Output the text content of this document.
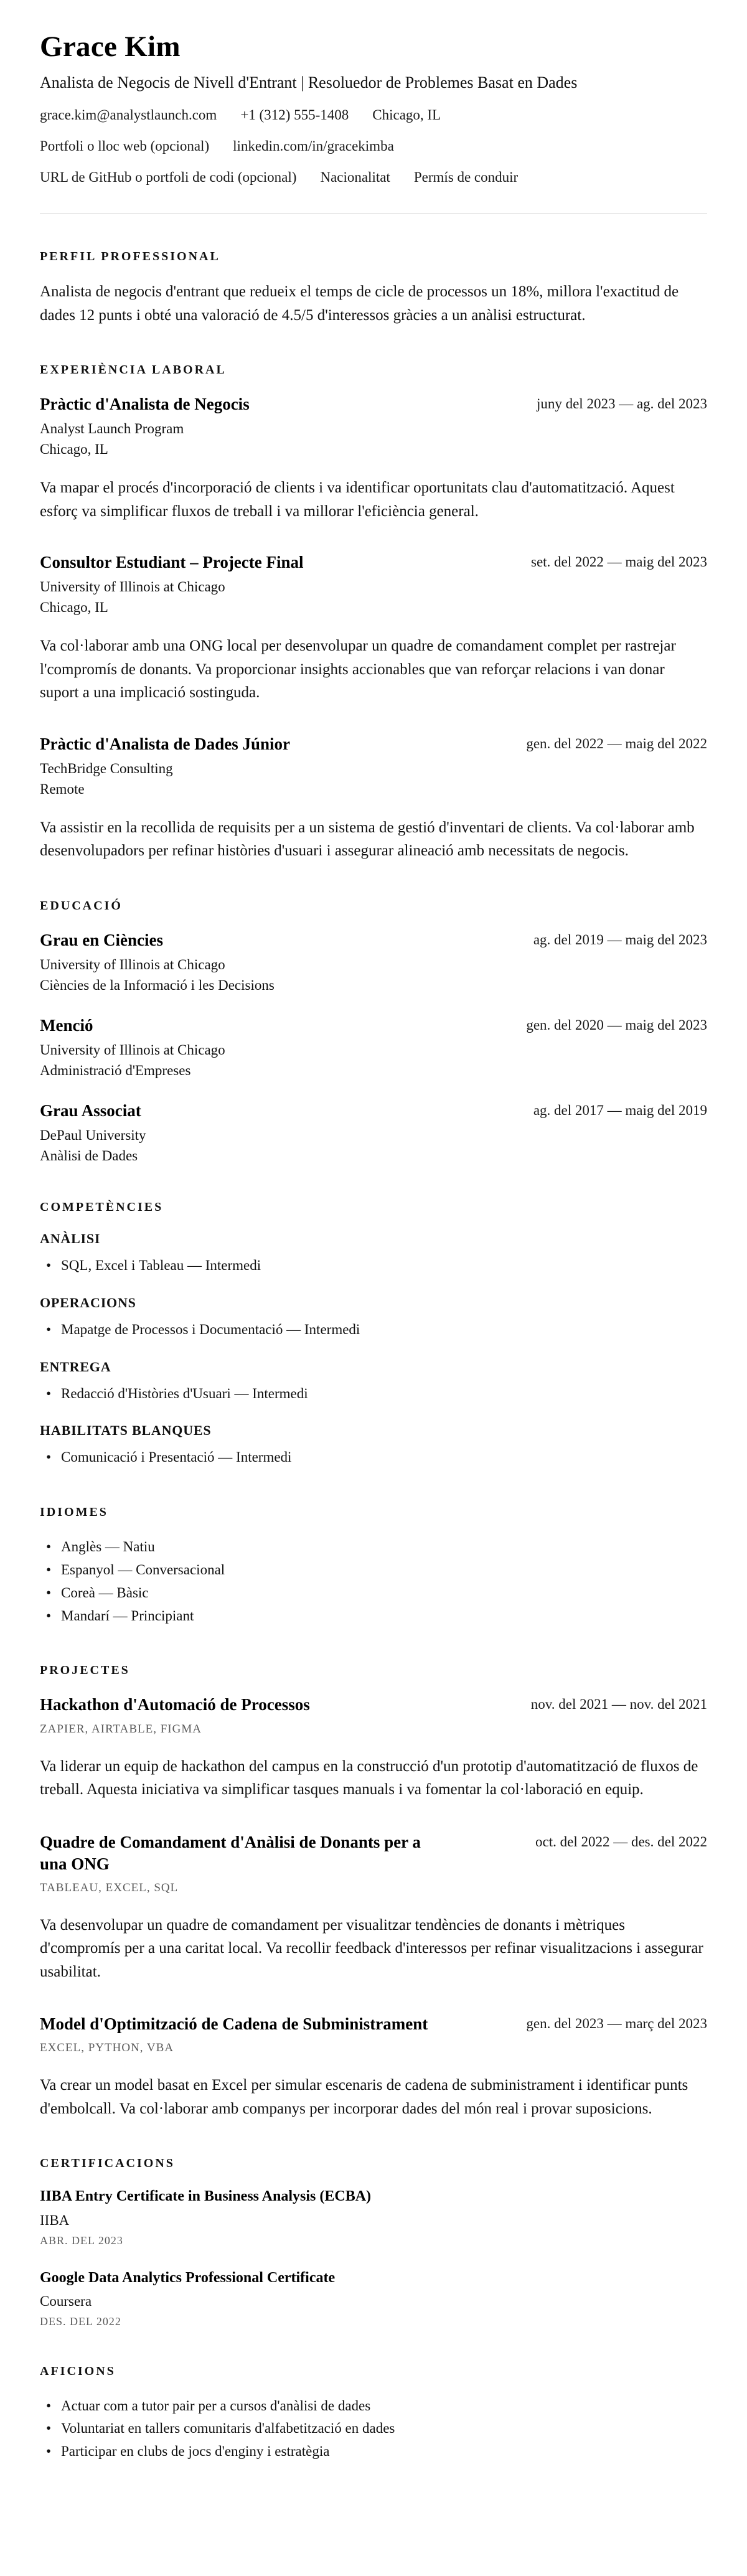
Grace Kim

Analista de Negocis de Nivell d'Entrant | Resoluedor de Problemes Basat en Dades

grace.kim@analystlaunch.com +1 (312) 555-1408 Chicago, IL
Portfoli o lloc web (opcional) linkedin.com/in/gracekimba
URL de GitHub o portfoli de codi (opcional) Nacionalitat Permís de conduir
PERFIL PROFESSIONAL

Analista de negocis d'entrant que redueix el temps de cicle de processos un 18%, millora l'exactitud de dades 12 punts i obté una valoració de 4.5/5 d'interessos gràcies a un anàlisi estructurat.

EXPERIÈNCIA LABORAL
Pràctic d'Analista de Negocis	juny del 2023 — ag. del 2023

Analyst Launch Program

Chicago, IL

Va mapar el procés d'incorporació de clients i va identificar oportunitats clau d'automatització. Aquest esforç va simplificar fluxos de treball i va millorar l'eficiència general.

Consultor Estudiant – Projecte Final	set. del 2022 — maig del 2023

University of Illinois at Chicago

Chicago, IL

Va col·laborar amb una ONG local per desenvolupar un quadre de comandament complet per rastrejar l'compromís de donants. Va proporcionar insights accionables que van reforçar relacions i van donar suport a una implicació sostinguda.

Pràctic d'Analista de Dades Júnior	gen. del 2022 — maig del 2022

TechBridge Consulting

Remote

Va assistir en la recollida de requisits per a un sistema de gestió d'inventari de clients. Va col·laborar amb desenvolupadors per refinar històries d'usuari i assegurar alineació amb necessitats de negocis.

EDUCACIÓ
Grau en Ciències	ag. del 2019 — maig del 2023

University of Illinois at Chicago

Ciències de la Informació i les Decisions

Menció	gen. del 2020 — maig del 2023

University of Illinois at Chicago

Administració d'Empreses

Grau Associat	ag. del 2017 — maig del 2019

DePaul University

Anàlisi de Dades

COMPETÈNCIES
ANÀLISI
• SQL, Excel i Tableau — Intermedi
OPERACIONS
• Mapatge de Processos i Documentació — Intermedi
ENTREGA
• Redacció d'Històries d'Usuari — Intermedi
HABILITATS BLANQUES
• Comunicació i Presentació — Intermedi
IDIOMES
• Anglès — Natiu
• Espanyol — Conversacional
• Coreà — Bàsic
• Mandarí — Principiant
PROJECTES
Hackathon d'Automació de Processos	nov. del 2021 — nov. del 2021

ZAPIER, AIRTABLE, FIGMA

Va liderar un equip de hackathon del campus en la construcció d'un prototip d'automatització de fluxos de treball. Aquesta iniciativa va simplificar tasques manuals i va fomentar la col·laboració en equip.

Quadre de Comandament d'Anàlisi de Donants per a una ONG
oct. del 2022 — des. del 2022

TABLEAU, EXCEL, SQL

Va desenvolupar un quadre de comandament per visualitzar tendències de donants i mètriques d'compromís per a una caritat local. Va recollir feedback d'interessos per refinar visualitzacions i assegurar usabilitat.

Model d'Optimització de Cadena de Subministrament	gen. del 2023 — març del 2023

EXCEL, PYTHON, VBA

Va crear un model basat en Excel per simular escenaris de cadena de subministrament i identificar punts d'embolcall. Va col·laborar amb companys per incorporar dades del món real i provar suposicions.

CERTIFICACIONS
IIBA Entry Certificate in Business Analysis (ECBA)

IIBA

ABR. DEL 2023

Google Data Analytics Professional Certificate

Coursera

DES. DEL 2022

AFICIONS
• Actuar com a tutor pair per a cursos d'anàlisi de dades
• Voluntariat en tallers comunitaris d'alfabetització en dades
• Participar en clubs de jocs d'enginy i estratègia
